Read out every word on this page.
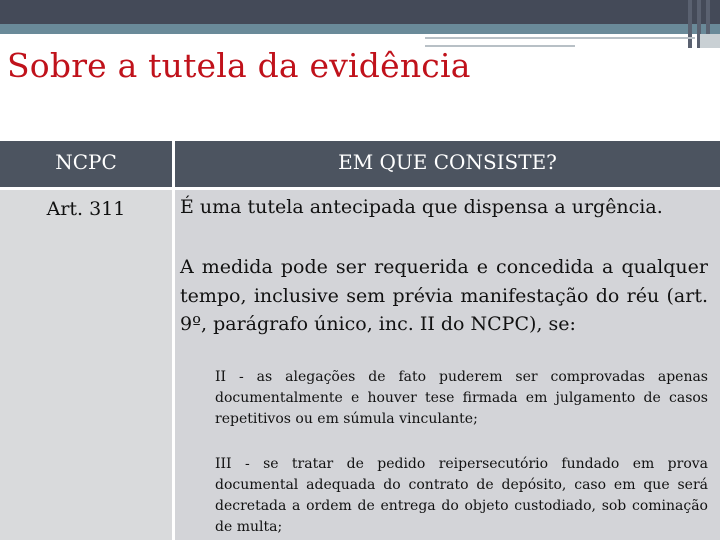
Sobre a tutela da evidência
NCPC	EM QUE CONSISTE?
Art. 311	É uma tutela antecipada que dispensa a urgência.
A medida pode ser requerida e concedida a qualquer tempo, inclusive sem prévia manifestação do réu (art. 9º, parágrafo único, inc. II do NCPC), se:
II - as alegações de fato puderem ser comprovadas apenas documentalmente e houver tese firmada em julgamento de casos repetitivos ou em súmula vinculante;
III - se tratar de pedido reipersecutório fundado em prova documental adequada do contrato de depósito, caso em que será decretada a ordem de entrega do objeto custodiado, sob cominação de multa;
